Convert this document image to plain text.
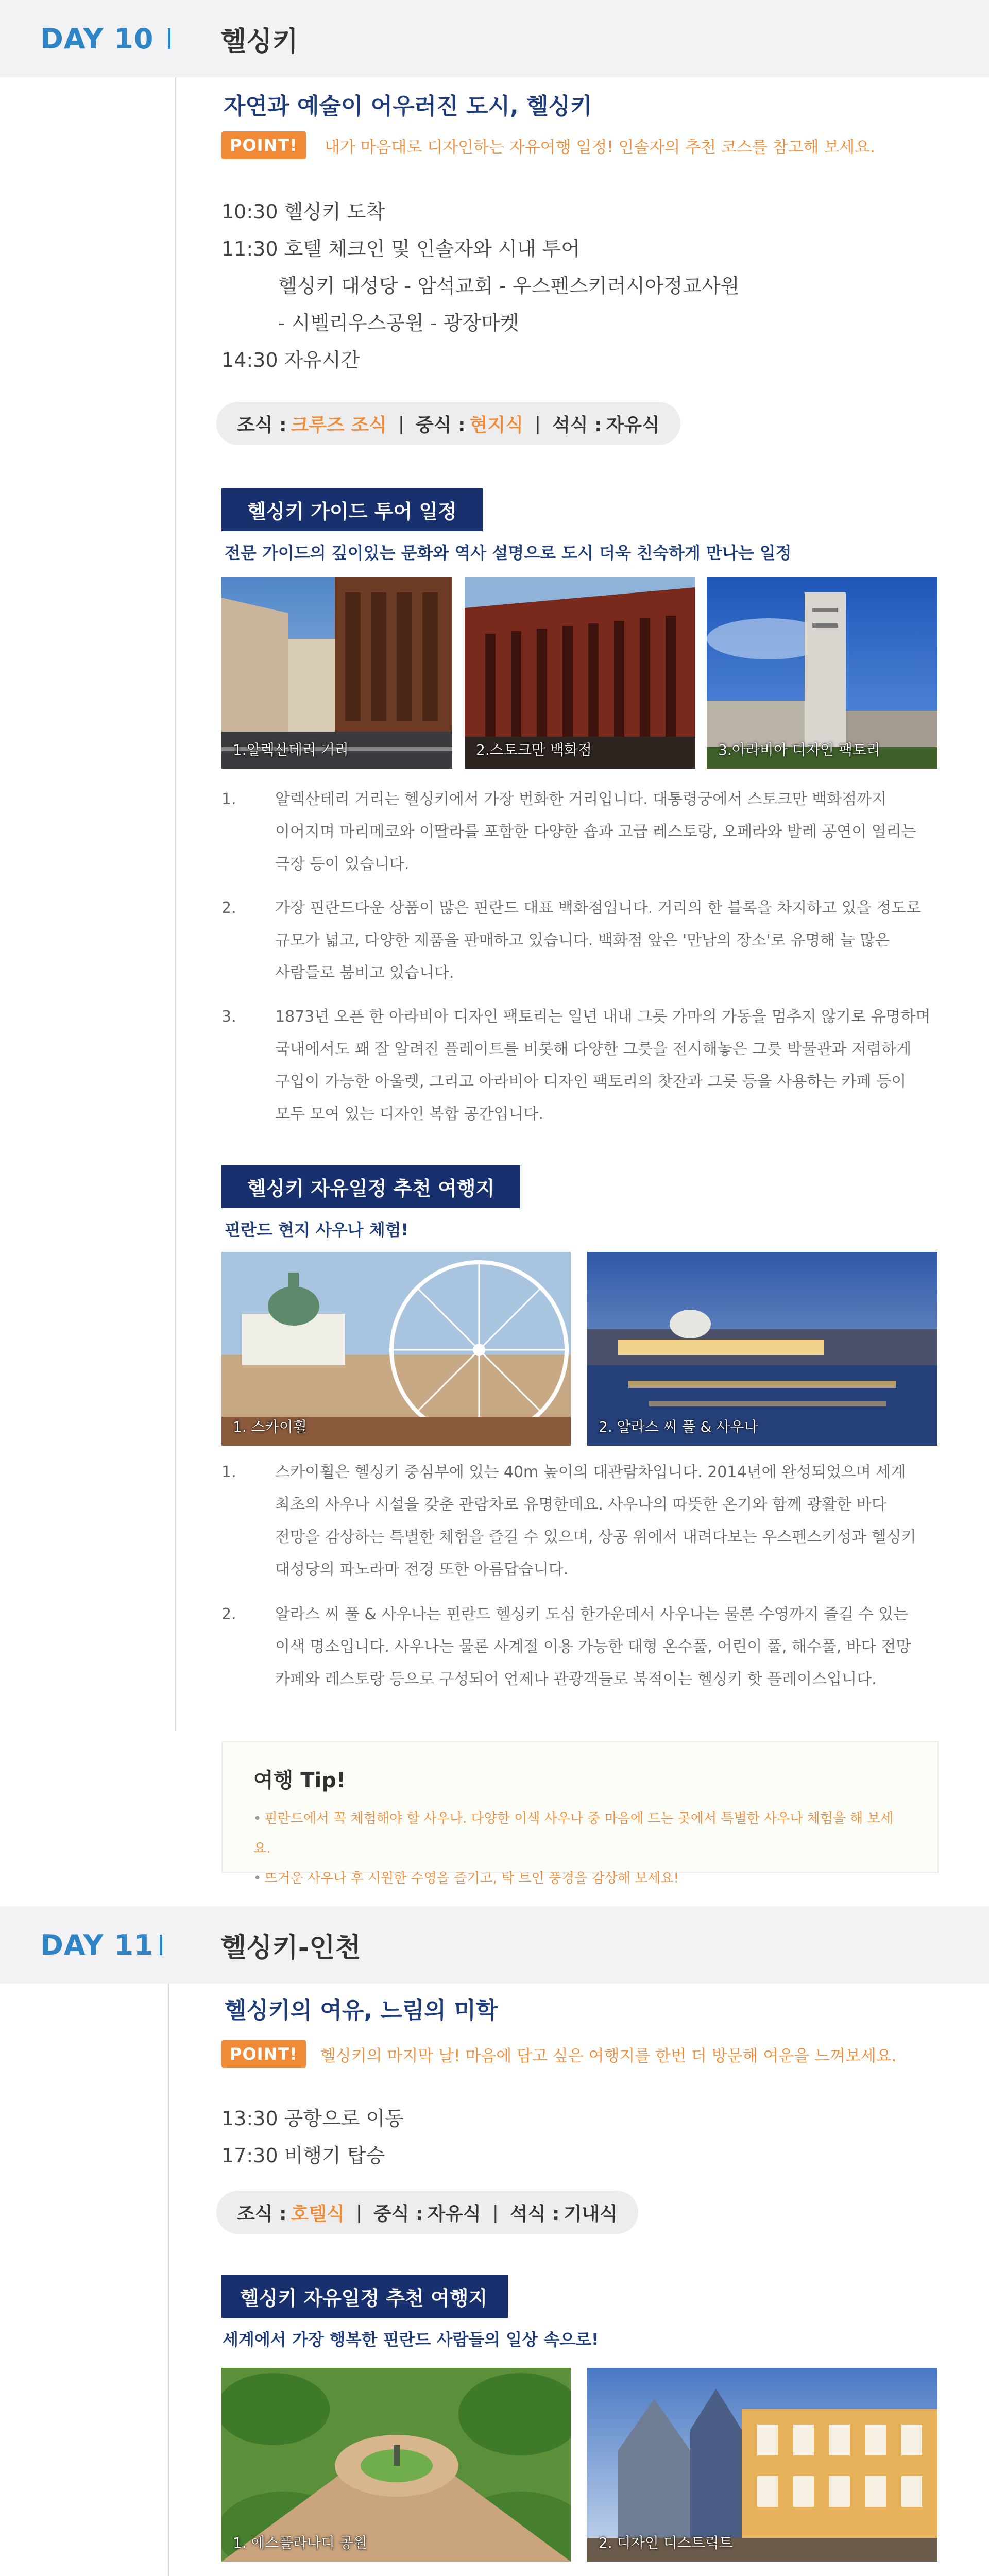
DAY 10 헬싱키
자연과 예술이 어우러진 도시, 헬싱키
POINT!	내가 마음대로 디자인하는 자유여행 일정! 인솔자의 추천 코스를 참고해 보세요.
10:30 헬싱키 도착
11:30 호텔 체크인 및 인솔자와 시내 투어
헬싱키 대성당 - 암석교회 - 우스펜스키러시아정교사원
- 시벨리우스공원 - 광장마켓
14:30 자유시간
조식 : 크루즈 조식 | 중식 : 현지식 | 석식 : 자유식
헬싱키 가이드 투어 일정
전문 가이드의 깊이있는 문화와 역사 설명으로 도시 더욱 친숙하게 만나는 일정
1.알렉산테리 거리	2.스토크만 백화점	3.아라비아 디자인 팩토리
1.	알렉산테리 거리는 헬싱키에서 가장 번화한 거리입니다. 대통령궁에서 스토크만 백화점까지
이어지며 마리메코와 이딸라를 포함한 다양한 숍과 고급 레스토랑, 오페라와 발레 공연이 열리는
극장 등이 있습니다.
2.	가장 핀란드다운 상품이 많은 핀란드 대표 백화점입니다. 거리의 한 블록을 차지하고 있을 정도로
규모가 넓고, 다양한 제품을 판매하고 있습니다. 백화점 앞은 '만남의 장소'로 유명해 늘 많은
사람들로 붐비고 있습니다.
3.	1873년 오픈 한 아라비아 디자인 팩토리는 일년 내내 그릇 가마의 가동을 멈추지 않기로 유명하며
국내에서도 꽤 잘 알려진 플레이트를 비롯해 다양한 그릇을 전시해놓은 그릇 박물관과 저렴하게
구입이 가능한 아울렛, 그리고 아라비아 디자인 팩토리의 찻잔과 그릇 등을 사용하는 카페 등이
모두 모여 있는 디자인 복합 공간입니다.
헬싱키 자유일정 추천 여행지
핀란드 현지 사우나 체험!
1. 스카이휠	2. 알라스 씨 풀 & 사우나
1.	스카이휠은 헬싱키 중심부에 있는 40m 높이의 대관람차입니다. 2014년에 완성되었으며 세계
최초의 사우나 시설을 갖춘 관람차로 유명한데요. 사우나의 따뜻한 온기와 함께 광활한 바다
전망을 감상하는 특별한 체험을 즐길 수 있으며, 상공 위에서 내려다보는 우스펜스키성과 헬싱키
대성당의 파노라마 전경 또한 아름답습니다.
2.	알라스 씨 풀 & 사우나는 핀란드 헬싱키 도심 한가운데서 사우나는 물론 수영까지 즐길 수 있는
이색 명소입니다. 사우나는 물론 사계절 이용 가능한 대형 온수풀, 어린이 풀, 해수풀, 바다 전망
카페와 레스토랑 등으로 구성되어 언제나 관광객들로 북적이는 헬싱키 핫 플레이스입니다.
여행 Tip!
• 핀란드에서 꼭 체험해야 할 사우나. 다양한 이색 사우나 중 마음에 드는 곳에서 특별한 사우나 체험을 해 보세요.
• 뜨거운 사우나 후 시원한 수영을 즐기고, 탁 트인 풍경을 감상해 보세요!
DAY 11 헬싱키-인천
헬싱키의 여유, 느림의 미학
POINT!	헬싱키의 마지막 날! 마음에 담고 싶은 여행지를 한번 더 방문해 여운을 느껴보세요.
13:30 공항으로 이동
17:30 비행기 탑승
조식 : 호텔식 | 중식 : 자유식 | 석식 : 기내식
헬싱키 자유일정 추천 여행지
세계에서 가장 행복한 핀란드 사람들의 일상 속으로!
1. 에스플라나디 공원	2. 디자인 디스트릭트
